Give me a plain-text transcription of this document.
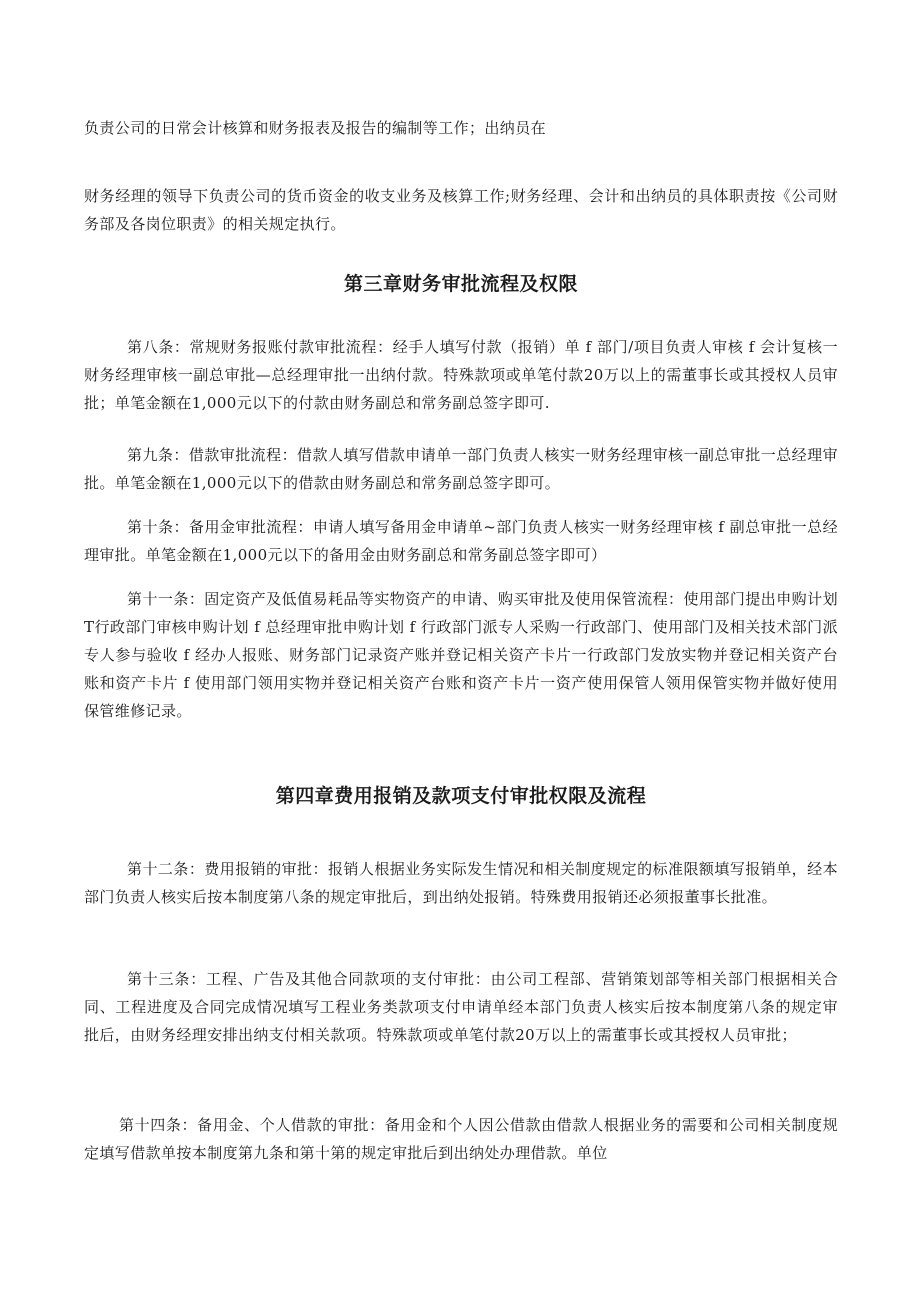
负责公司的日常会计核算和财务报表及报告的编制等工作；出纳员在

财务经理的领导下负责公司的货币资金的收支业务及核算工作;财务经理、会计和出纳员的具体职责按《公司财务部及各岗位职责》的相关规定执行。

第三章财务审批流程及权限

第八条：常规财务报账付款审批流程：经手人填写付款（报销）单 f 部门/项目负责人审核 f 会计复核一财务经理审核一副总审批—总经理审批一出纳付款。特殊款项或单笔付款20万以上的需董事长或其授权人员审批；单笔金额在1,000元以下的付款由财务副总和常务副总签字即可.

第九条：借款审批流程：借款人填写借款申请单一部门负责人核实一财务经理审核一副总审批一总经理审批。单笔金额在1,000元以下的借款由财务副总和常务副总签字即可。

第十条：备用金审批流程：申请人填写备用金申请单~部门负责人核实一财务经理审核 f 副总审批一总经理审批。单笔金额在1,000元以下的备用金由财务副总和常务副总签字即可）

第十一条：固定资产及低值易耗品等实物资产的申请、购买审批及使用保管流程：使用部门提出申购计划T行政部门审核申购计划 f 总经理审批申购计划 f 行政部门派专人采购一行政部门、使用部门及相关技术部门派专人参与验收 f 经办人报账、财务部门记录资产账并登记相关资产卡片一行政部门发放实物并登记相关资产台账和资产卡片 f 使用部门领用实物并登记相关资产台账和资产卡片一资产使用保管人领用保管实物并做好使用保管维修记录。

第四章费用报销及款项支付审批权限及流程

第十二条：费用报销的审批：报销人根据业务实际发生情况和相关制度规定的标准限额填写报销单，经本部门负责人核实后按本制度第八条的规定审批后，到出纳处报销。特殊费用报销还必须报董事长批准。

第十三条：工程、广告及其他合同款项的支付审批：由公司工程部、营销策划部等相关部门根据相关合同、工程进度及合同完成情况填写工程业务类款项支付申请单经本部门负责人核实后按本制度第八条的规定审批后，由财务经理安排出纳支付相关款项。特殊款项或单笔付款20万以上的需董事长或其授权人员审批；

第十四条：备用金、个人借款的审批：备用金和个人因公借款由借款人根据业务的需要和公司相关制度规定填写借款单按本制度第九条和第十第的规定审批后到出纳处办理借款。单位
